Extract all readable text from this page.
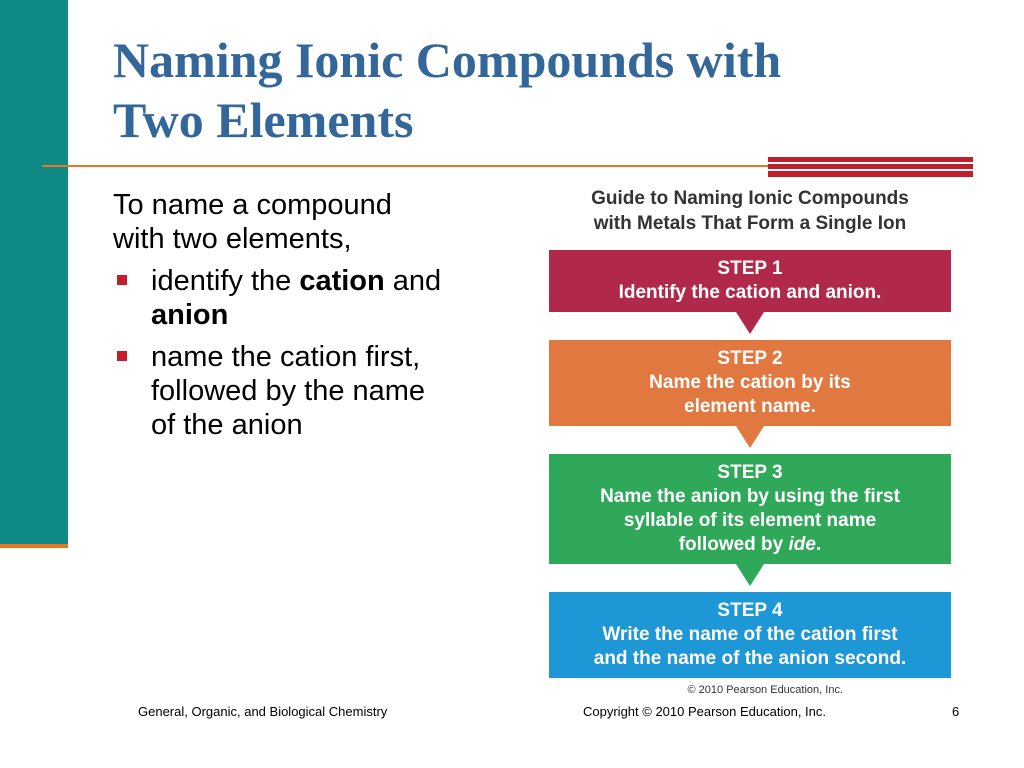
Naming Ionic Compounds with
Two Elements
To name a compound
with two elements,
identify the cation and
anion
name the cation first,
followed by the name
of the anion
Guide to Naming Ionic Compounds
with Metals That Form a Single Ion
STEP 1
Identify the cation and anion.
STEP 2
Name the cation by its
element name.
STEP 3
Name the anion by using the first
syllable of its element name
followed by ide.
STEP 4
Write the name of the cation first
and the name of the anion second.
© 2010 Pearson Education, Inc.
General, Organic, and Biological Chemistry	Copyright © 2010 Pearson Education, Inc.	6
